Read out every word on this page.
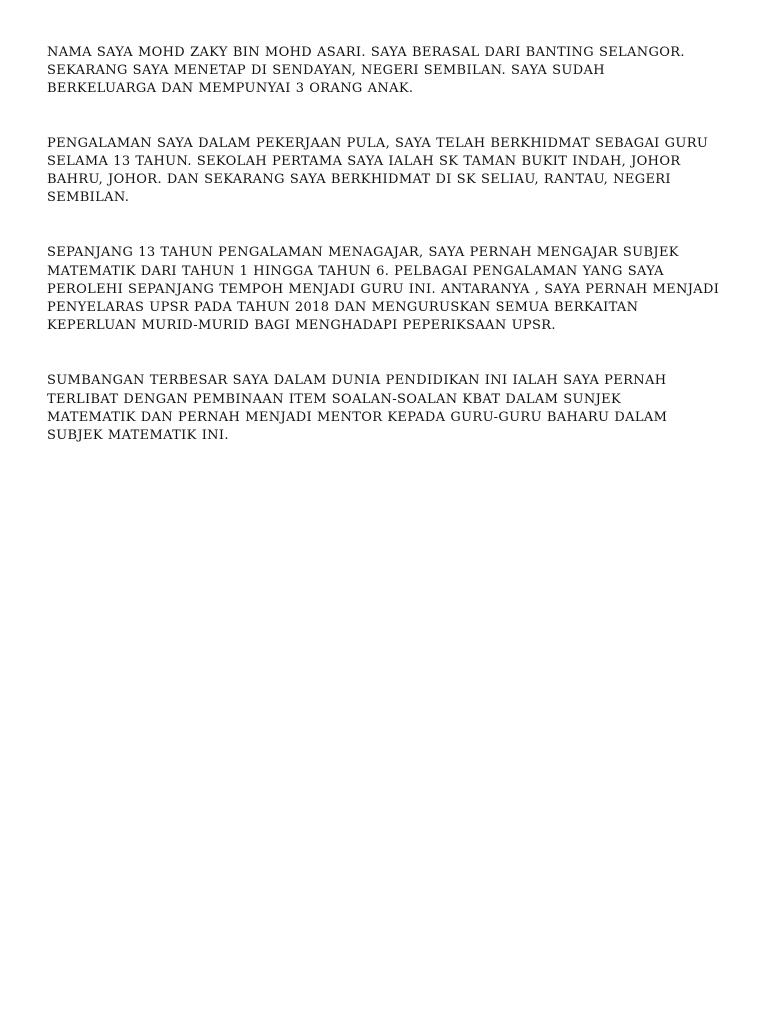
NAMA SAYA MOHD ZAKY BIN MOHD ASARI. SAYA BERASAL DARI BANTING SELANGOR.
SEKARANG SAYA MENETAP DI SENDAYAN, NEGERI SEMBILAN. SAYA SUDAH
BERKELUARGA DAN MEMPUNYAI 3 ORANG ANAK.

PENGALAMAN SAYA DALAM PEKERJAAN PULA, SAYA TELAH BERKHIDMAT SEBAGAI GURU
SELAMA 13 TAHUN. SEKOLAH PERTAMA SAYA IALAH SK TAMAN BUKIT INDAH, JOHOR
BAHRU, JOHOR. DAN SEKARANG SAYA BERKHIDMAT DI SK SELIAU, RANTAU, NEGERI
SEMBILAN.

SEPANJANG 13 TAHUN PENGALAMAN MENAGAJAR, SAYA PERNAH MENGAJAR SUBJEK
MATEMATIK DARI TAHUN 1 HINGGA TAHUN 6. PELBAGAI PENGALAMAN YANG SAYA
PEROLEHI SEPANJANG TEMPOH MENJADI GURU INI. ANTARANYA , SAYA PERNAH MENJADI
PENYELARAS UPSR PADA TAHUN 2018 DAN MENGURUSKAN SEMUA BERKAITAN
KEPERLUAN MURID-MURID BAGI MENGHADAPI PEPERIKSAAN UPSR.

SUMBANGAN TERBESAR SAYA DALAM DUNIA PENDIDIKAN INI IALAH SAYA PERNAH
TERLIBAT DENGAN PEMBINAAN ITEM SOALAN-SOALAN KBAT DALAM SUNJEK
MATEMATIK DAN PERNAH MENJADI MENTOR KEPADA GURU-GURU BAHARU DALAM
SUBJEK MATEMATIK INI.
